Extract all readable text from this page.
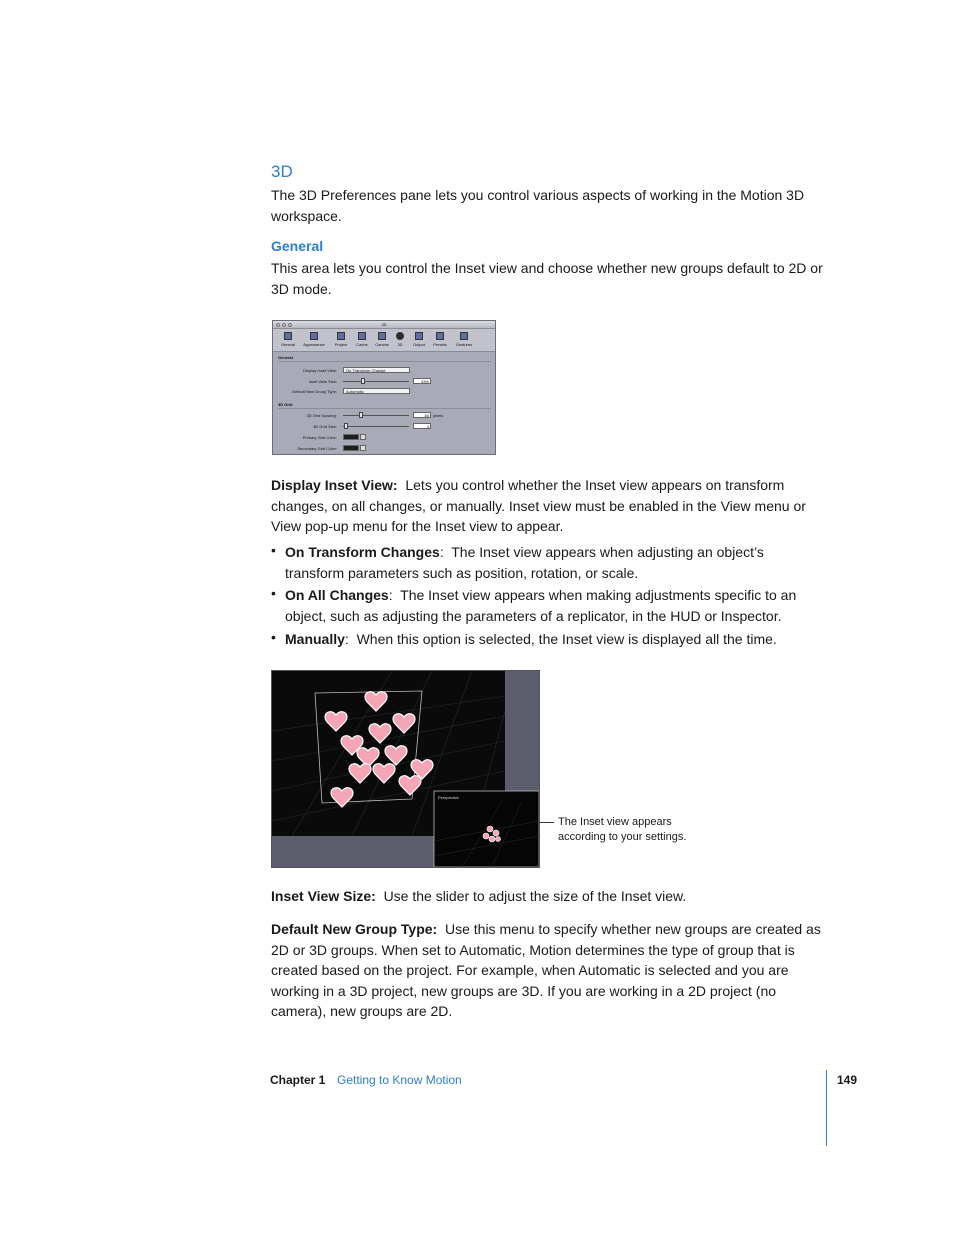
3D
The 3D Preferences pane lets you control various aspects of working in the Motion 3D workspace.
General
This area lets you control the Inset view and choose whether new groups default to 2D or 3D mode.
3D
General	Appearance	Project	Cache	Canvas	3D	Output	Presets	Gestures
General
Display Inset View:	On Transform Change
Inset View Size:	33%
Default New Group Type:	Automatic
3D Grid
3D Grid Spacing:	80	pixels
3D Grid Size:	4
Primary Grid Color:
Secondary Grid Color:
Display Inset View: Lets you control whether the Inset view appears on transform changes, on all changes, or manually. Inset view must be enabled in the View menu or View pop-up menu for the Inset view to appear.
• On Transform Changes:  The Inset view appears when adjusting an object’s transform parameters such as position, rotation, or scale.
• On All Changes:  The Inset view appears when making adjustments specific to an object, such as adjusting the parameters of a replicator, in the HUD or Inspector.
• Manually:  When this option is selected, the Inset view is displayed all the time.
Perspective
The Inset view appears
according to your settings.
Inset View Size: Use the slider to adjust the size of the Inset view.
Default New Group Type: Use this menu to specify whether new groups are created as 2D or 3D groups. When set to Automatic, Motion determines the type of group that is created based on the project. For example, when Automatic is selected and you are working in a 3D project, new groups are 3D. If you are working in a 2D project (no camera), new groups are 2D.
Chapter 1 Getting to Know Motion	149
